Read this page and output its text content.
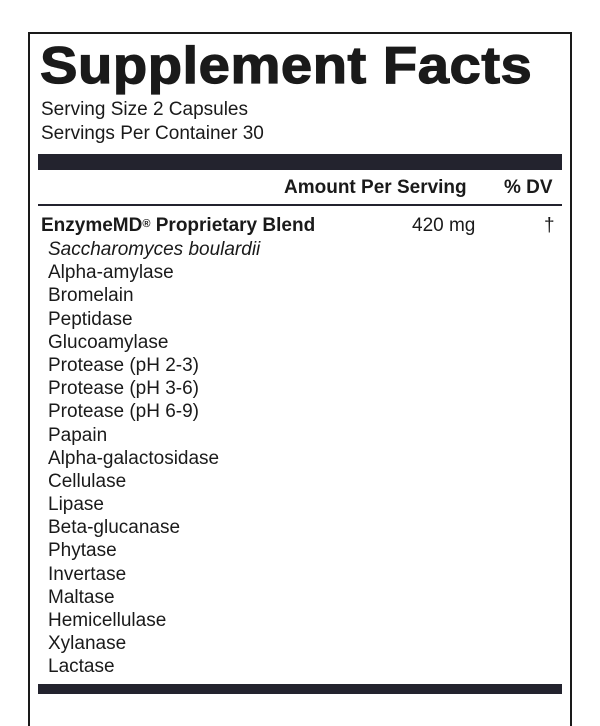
Supplement Facts
Serving Size 2 Capsules
Servings Per Container 30
Amount Per Serving % DV
EnzymeMD® Proprietary Blend	420 mg	†
Saccharomyces boulardii
Alpha-amylase
Bromelain
Peptidase
Glucoamylase
Protease (pH 2-3)
Protease (pH 3-6)
Protease (pH 6-9)
Papain
Alpha-galactosidase
Cellulase
Lipase
Beta-glucanase
Phytase
Invertase
Maltase
Hemicellulase
Xylanase
Lactase
